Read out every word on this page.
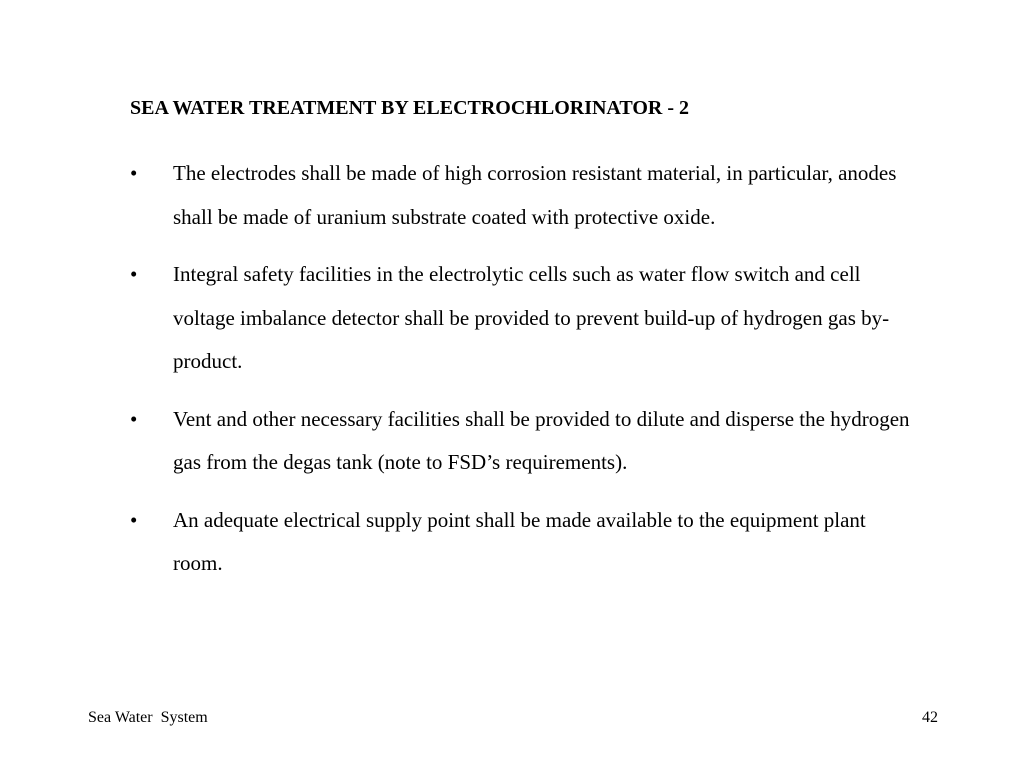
SEA WATER TREATMENT BY ELECTROCHLORINATOR - 2
• The electrodes shall be made of high corrosion resistant material, in particular, anodes shall be made of uranium substrate coated with protective oxide.
• Integral safety facilities in the electrolytic cells such as water flow switch and cell voltage imbalance detector shall be provided to prevent build-up of hydrogen gas by-product.
• Vent and other necessary facilities shall be provided to dilute and disperse the hydrogen gas from the degas tank (note to FSD’s requirements).
• An adequate electrical supply point shall be made available to the equipment plant room.
Sea Water  System	42
